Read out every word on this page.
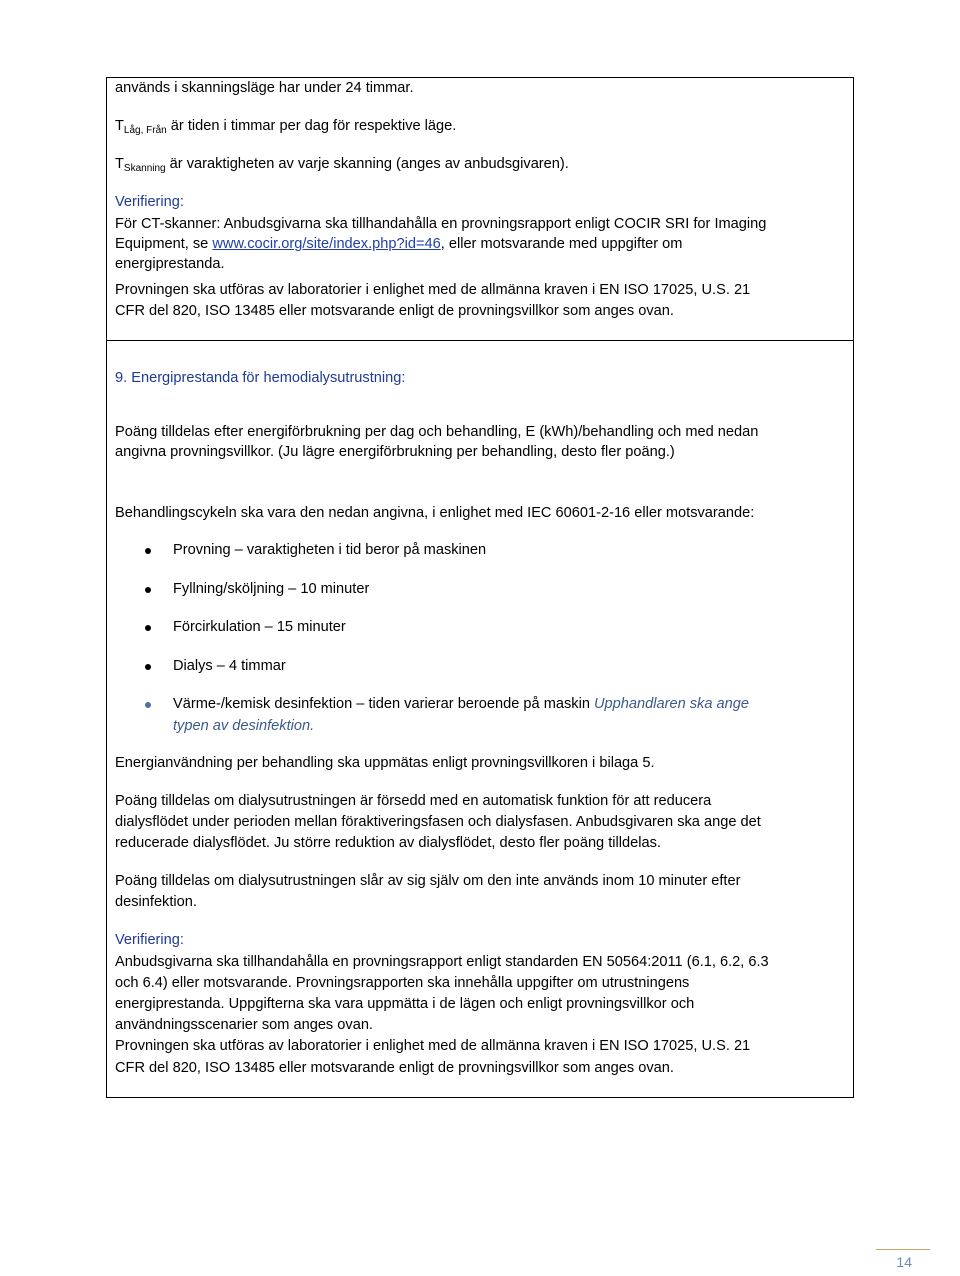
används i skanningsläge har under 24 timmar.

$T_{Låg, Från}$ är tiden i timmar per dag för respektive läge.

$T_{Skanning}$ är varaktigheten av varje skanning (anges av anbudsgivaren).

Verifiering:

För CT-skanner: Anbudsgivarna ska tillhandahålla en provningsrapport enligt COCIR SRI for Imaging

Equipment, se www.cocir.org/site/index.php?id=46, eller motsvarande med uppgifter om

energiprestanda.

Provningen ska utföras av laboratorier i enlighet med de allmänna kraven i EN ISO 17025, U.S. 21

CFR del 820, ISO 13485 eller motsvarande enligt de provningsvillkor som anges ovan.

9. Energiprestanda för hemodialysutrustning:

Poäng tilldelas efter energiförbrukning per dag och behandling, E (kWh)/behandling och med nedan

angivna provningsvillkor. (Ju lägre energiförbrukning per behandling, desto fler poäng.)

Behandlingscykeln ska vara den nedan angivna, i enlighet med IEC 60601-2-16 eller motsvarande:

Provning – varaktigheten i tid beror på maskinen

Fyllning/sköljning – 10 minuter

Förcirkulation – 15 minuter

Dialys – 4 timmar

Värme-/kemisk desinfektion – tiden varierar beroende på maskin Upphandlaren ska ange

typen av desinfektion.

Energianvändning per behandling ska uppmätas enligt provningsvillkoren i bilaga 5.

Poäng tilldelas om dialysutrustningen är försedd med en automatisk funktion för att reducera

dialysflödet under perioden mellan föraktiveringsfasen och dialysfasen. Anbudsgivaren ska ange det

reducerade dialysflödet. Ju större reduktion av dialysflödet, desto fler poäng tilldelas.

Poäng tilldelas om dialysutrustningen slår av sig själv om den inte används inom 10 minuter efter

desinfektion.

Verifiering:

Anbudsgivarna ska tillhandahålla en provningsrapport enligt standarden EN 50564:2011 (6.1, 6.2, 6.3

och 6.4) eller motsvarande. Provningsrapporten ska innehålla uppgifter om utrustningens

energiprestanda. Uppgifterna ska vara uppmätta i de lägen och enligt provningsvillkor och

användningsscenarier som anges ovan.

Provningen ska utföras av laboratorier i enlighet med de allmänna kraven i EN ISO 17025, U.S. 21

CFR del 820, ISO 13485 eller motsvarande enligt de provningsvillkor som anges ovan.

14
